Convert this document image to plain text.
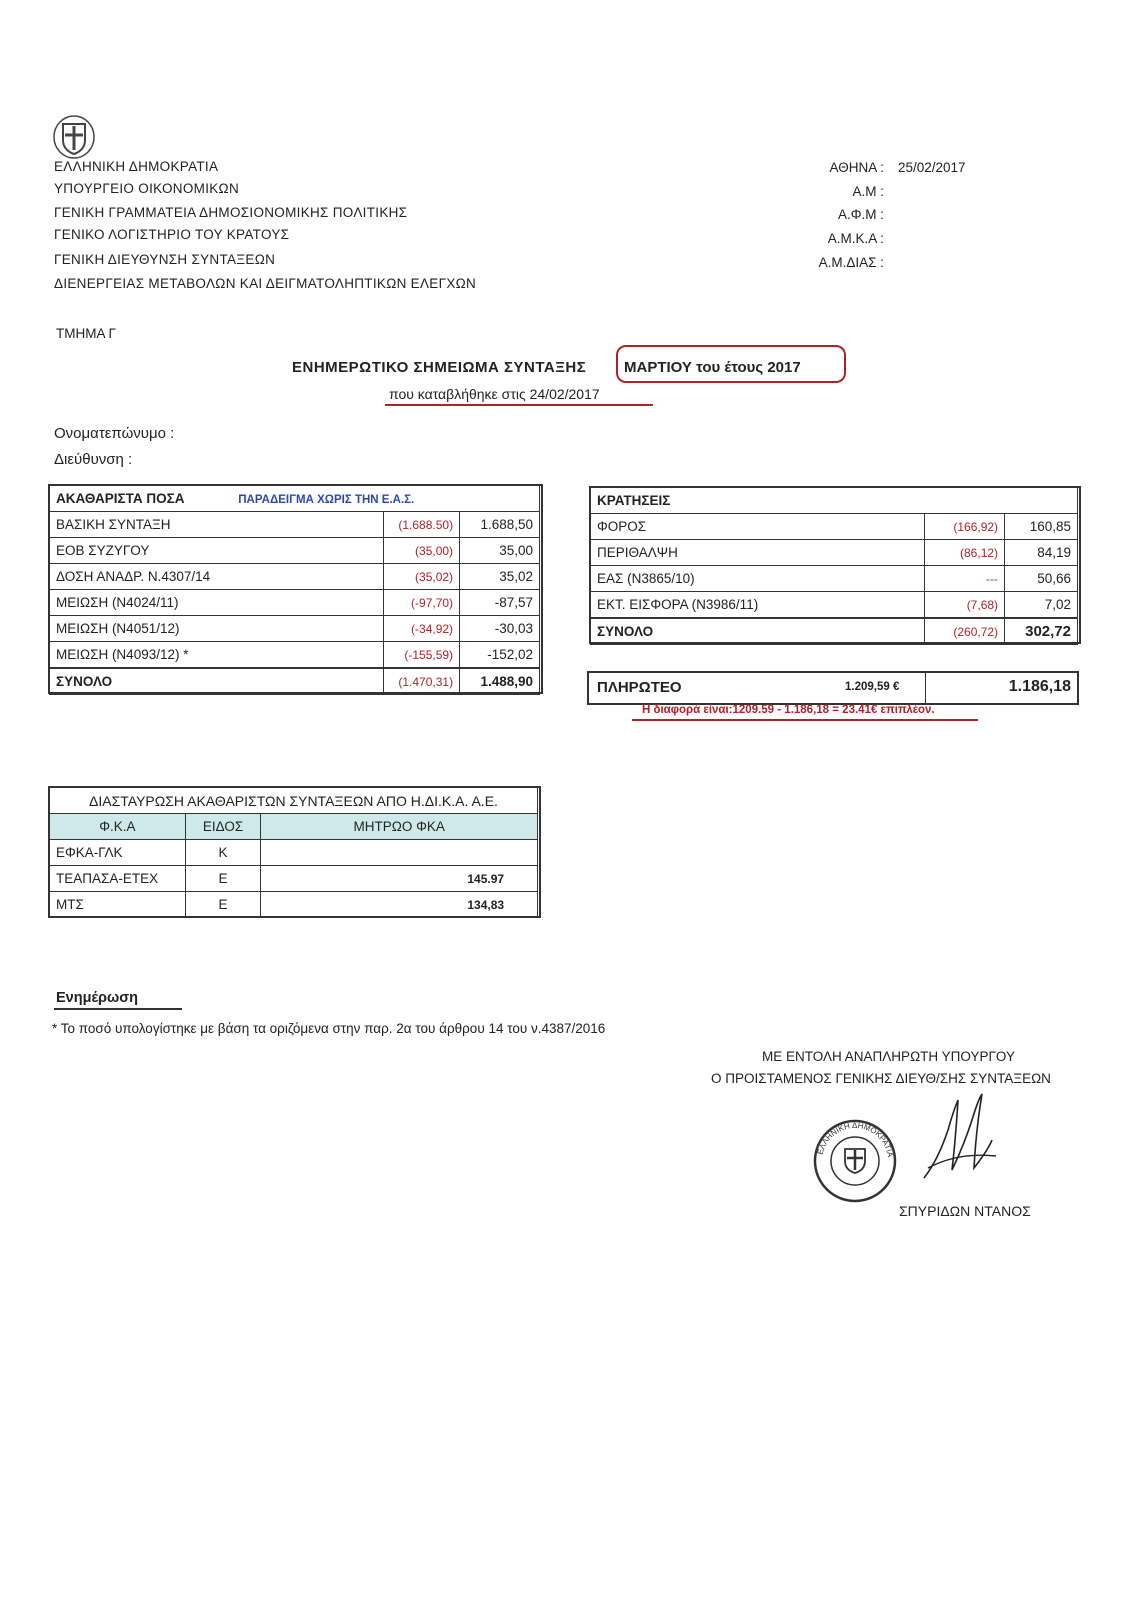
ΕΛΛΗΝΙΚΗ ΔΗΜΟΚΡΑΤΙΑ
ΥΠΟΥΡΓΕΙΟ ΟΙΚΟΝΟΜΙΚΩΝ
ΓΕΝΙΚΗ ΓΡΑΜΜΑΤΕΙΑ ΔΗΜΟΣΙΟΝΟΜΙΚΗΣ ΠΟΛΙΤΙΚΗΣ
ΓΕΝΙΚΟ ΛΟΓΙΣΤΗΡΙΟ ΤΟΥ ΚΡΑΤΟΥΣ
ΓΕΝΙΚΗ ΔΙΕΥΘΥΝΣΗ ΣΥΝΤΑΞΕΩΝ
ΔΙΕΝΕΡΓΕΙΑΣ ΜΕΤΑΒΟΛΩΝ ΚΑΙ ΔΕΙΓΜΑΤΟΛΗΠΤΙΚΩΝ ΕΛΕΓΧΩΝ
ΑΘΗΝΑ : 25/02/2017
Α.Μ :
Α.Φ.Μ :
Α.Μ.Κ.Α :
Α.Μ.ΔΙΑΣ :
ΤΜΗΜΑ Γ
ΕΝΗΜΕΡΩΤΙΚΟ ΣΗΜΕΙΩΜΑ ΣΥΝΤΑΞΗΣ	ΜΑΡΤΙΟΥ του έτους 2017
που καταβλήθηκε στις 24/02/2017
Ονοματεπώνυμο :
Διεύθυνση :
ΑΚΑΘΑΡΙΣΤΑ ΠΟΣΑ ΠΑΡΑΔΕΙΓΜΑ ΧΩΡΙΣ ΤΗΝ Ε.Α.Σ.		
ΒΑΣΙΚΗ ΣΥΝΤΑΞΗ	(1.688.50)	1.688,50
ΕΟΒ ΣΥΖΥΓΟΥ	(35,00)	35,00
ΔΟΣΗ ΑΝΑΔΡ. Ν.4307/14	(35,02)	35,02
ΜΕΙΩΣΗ (Ν4024/11)	(-97,70)	-87,57
ΜΕΙΩΣΗ (Ν4051/12)	(-34,92)	-30,03
ΜΕΙΩΣΗ (Ν4093/12) *	(-155,59)	-152,02
ΣΥΝΟΛΟ	(1.470,31)	1.488,90
ΚΡΑΤΗΣΕΙΣ		
ΦΟΡΟΣ	(166,92)	160,85
ΠΕΡΙΘΑΛΨΗ	(86,12)	84,19
ΕΑΣ (Ν3865/10)	---	50,66
ΕΚΤ. ΕΙΣΦΟΡΑ (Ν3986/11)	(7,68)	7,02
ΣΥΝΟΛΟ	(260,72)	302,72
ΠΛΗΡΩΤΕΟ	1.209,59 €	1.186,18
Η διαφορά είναι:1209.59 - 1.186,18 = 23.41€ επιπλέον.
ΔΙΑΣΤΑΥΡΩΣΗ ΑΚΑΘΑΡΙΣΤΩΝ ΣΥΝΤΑΞΕΩΝ ΑΠΟ Η.ΔΙ.Κ.Α. Α.Ε.		
Φ.Κ.Α	ΕΙΔΟΣ	ΜΗΤΡΩΟ ΦΚΑ
ΕΦΚΑ-ΓΛΚ	Κ	
ΤΕΑΠΑΣΑ-ΕΤΕΧ	Ε	145.97
ΜΤΣ	Ε	134,83
Ενημέρωση
* Το ποσό υπολογίστηκε με βάση τα οριζόμενα στην παρ. 2α του άρθρου 14 του ν.4387/2016
ΜΕ ΕΝΤΟΛΗ ΑΝΑΠΛΗΡΩΤΗ ΥΠΟΥΡΓΟΥ
Ο ΠΡΟΙΣΤΑΜΕΝΟΣ ΓΕΝΙΚΗΣ ΔΙΕΥΘ/ΣΗΣ ΣΥΝΤΑΞΕΩΝ
ΕΛΛΗΝΙΚΗ ΔΗΜΟΚΡΑΤΙΑ
ΣΠΥΡΙΔΩΝ ΝΤΑΝΟΣ
